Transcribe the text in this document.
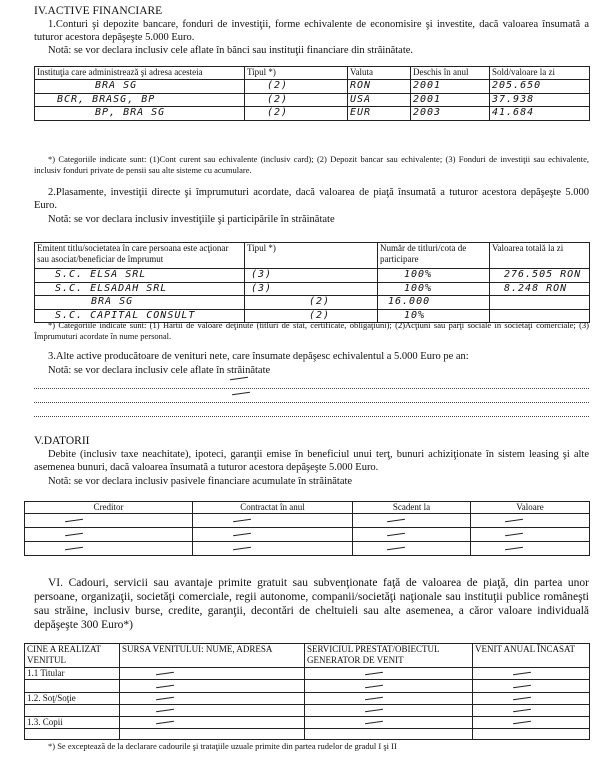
IV.ACTIVE FINANCIARE
1.Conturi şi depozite bancare, fonduri de investiţii, forme echivalente de economisire şi investite, dacă valoarea însumată a tuturor acestora depăşeşte 5.000 Euro.
Notă: se vor declara inclusiv cele aflate în bănci sau instituţii financiare din străinătate.
Instituţia care administrează şi adresa acesteia	Tipul *)	Valuta	Deschis în anul	Sold/valoare la zi
BRA SG	(2)	RON	2001	205.650
BCR, BRASG, BP	(2)	USA	2001	37.938
BP, BRA SG	(2)	EUR	2003	41.684
*) Categoriile indicate sunt: (1)Cont curent sau echivalente (inclusiv card); (2) Depozit bancar sau echivalente; (3) Fonduri de investiţii sau echivalente, inclusiv fonduri private de pensii sau alte sisteme cu acumulare.
2.Plasamente, investiţii directe şi împrumuturi acordate, dacă valoarea de piaţă însumată a tuturor acestora depăşeşte 5.000 Euro.
Notă: se vor declara inclusiv investiţiile şi participările în străinătate
Emitent titlu/societatea în care persoana este acţionar sau asociat/beneficiar de împrumut	Tipul *)	Număr de titluri/cota de participare	Valoarea totală la zi
S.C. ELSA SRL	(3)	100%	276.505 RON
S.C. ELSADAH SRL	(3)	100%	8.248 RON
BRA SG	(2)	16.000	
S.C. CAPITAL CONSULT	(2)	10%	
*) Categoriile indicate sunt: (1) Hârtii de valoare deţinute (titluri de stat, certificate, obligaţiuni); (2)Acţiuni sau părţi sociale în societăţi comerciale; (3) Împrumuturi acordate în nume personal.
3.Alte active producătoare de venituri nete, care însumate depăşesc echivalentul a 5.000 Euro pe an:
Notă: se vor declara inclusiv cele aflate în străinătate
V.DATORII
Debite (inclusiv taxe neachitate), ipoteci, garanţii emise în beneficiul unui terţ, bunuri achiziţionate în sistem leasing şi alte asemenea bunuri, dacă valoarea însumată a tuturor acestora depăşeşte 5.000 Euro.
Notă: se vor declara inclusiv pasivele financiare acumulate în străinătate
Creditor	Contractat în anul	Scadent la	Valoare

VI. Cadouri, servicii sau avantaje primite gratuit sau subvenţionate faţă de valoarea de piaţă, din partea unor persoane, organizaţii, societăţi comerciale, regii autonome, companii/societăţi naţionale sau instituţii publice româneşti sau străine, inclusiv burse, credite, garanţii, decontări de cheltuieli sau alte asemenea, a căror valoare individuală depăşeşte 300 Euro*)
CINE A REALIZAT VENITUL	SURSA VENITULUI: NUME, ADRESA	SERVICIUL PRESTAT/OBIECTUL GENERATOR DE VENIT	VENIT ANUAL ÎNCASAT
1.1 Titular			

1.2. Soţ/Soţie			

1.3. Copii			

*) Se exceptează de la declarare cadourile şi trataţiile uzuale primite din partea rudelor de gradul I şi II
